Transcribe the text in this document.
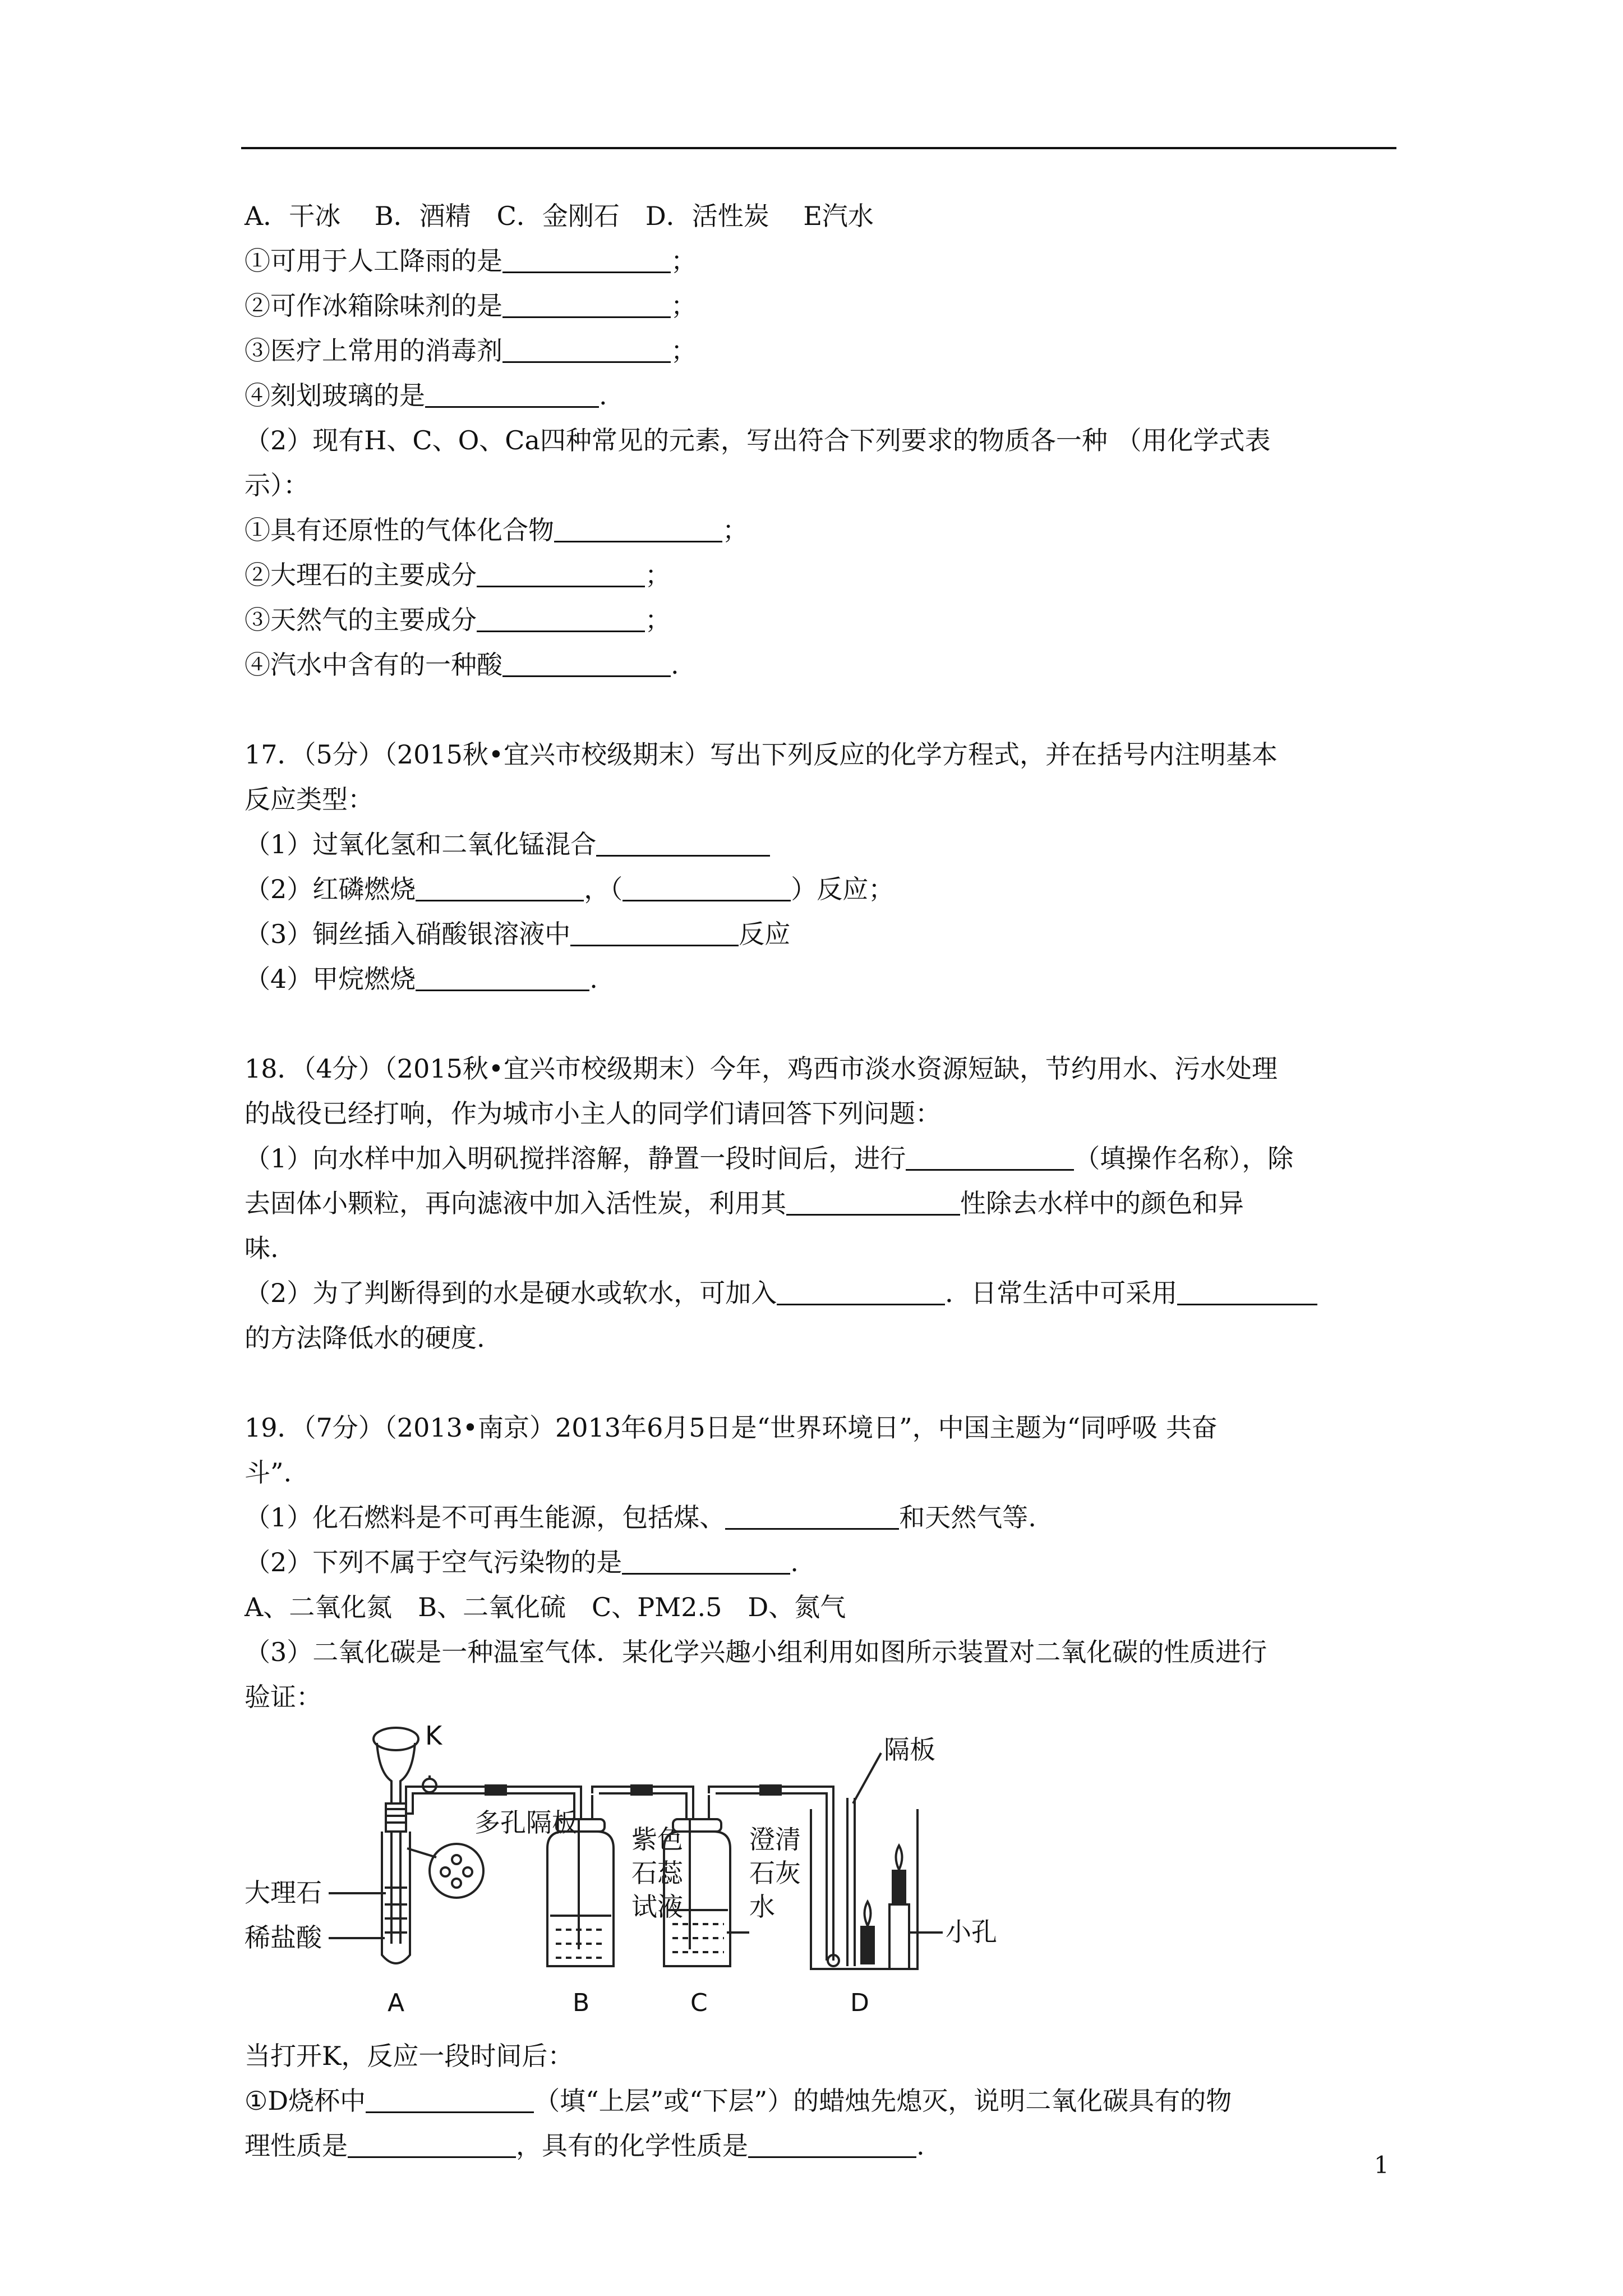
A．干冰　 B．酒精　C．金刚石　D．活性炭　 E汽水
①可用于人工降雨的是	；
②可作冰箱除味剂的是	；
③医疗上常用的消毒剂	；
④刻划玻璃的是	.
（2）现有H、C、O、Ca四种常见的元素，写出符合下列要求的物质各一种 （用化学式表
示）：
①具有还原性的气体化合物	；
②大理石的主要成分	；
③天然气的主要成分	；
④汽水中含有的一种酸	.
17．（5分）（2015秋•宜兴市校级期末）写出下列反应的化学方程式，并在括号内注明基本
反应类型：
（1）过氧化氢和二氧化锰混合
（2）红磷燃烧	，（	）反应；
（3）铜丝插入硝酸银溶液中	反应
（4）甲烷燃烧	.
18．（4分）（2015秋•宜兴市校级期末）今年，鸡西市淡水资源短缺，节约用水、污水处理
的战役已经打响，作为城市小主人的同学们请回答下列问题：
（1）向水样中加入明矾搅拌溶解，静置一段时间后，进行	（填操作名称），除
去固体小颗粒，再向滤液中加入活性炭，利用其	性除去水样中的颜色和异
味.
（2）为了判断得到的水是硬水或软水，可加入	．日常生活中可采用
的方法降低水的硬度.
19．（7分）（2013•南京）2013年6月5日是“世界环境日”，中国主题为“同呼吸 共奋
斗”.
（1）化石燃料是不可再生能源，包括煤、	和天然气等.
（2）下列不属于空气污染物的是	.
A、二氧化氮　B、二氧化硫　C、PM2.5　D、氮气
（3）二氧化碳是一种温室气体．某化学兴趣小组利用如图所示装置对二氧化碳的性质进行
验证：
K
多孔隔板
大理石
稀盐酸
紫色
石蕊
试液
澄清
石灰
水
隔板
小孔
A	B	C	D
当打开K，反应一段时间后：
①D烧杯中	（填“上层”或“下层”）的蜡烛先熄灭，说明二氧化碳具有的物
理性质是	，具有的化学性质是	.
1
